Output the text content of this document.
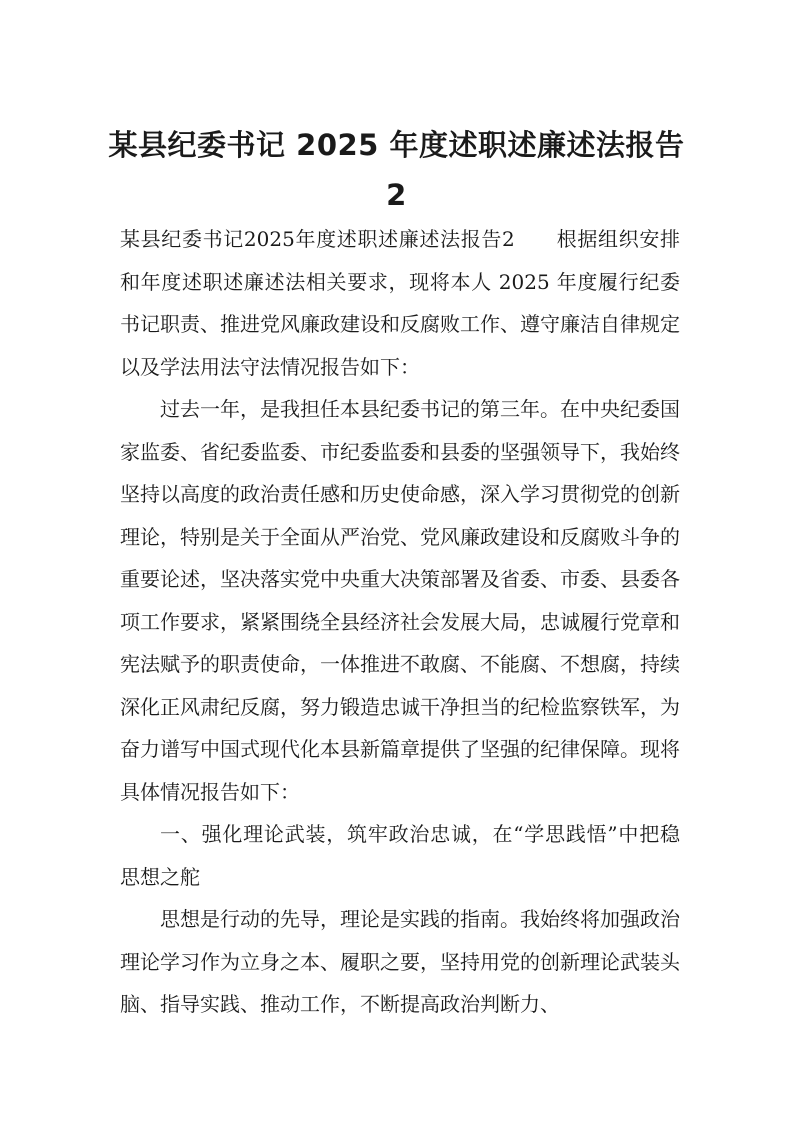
某县纪委书记 2025 年度述职述廉述法报告
2

某县纪委书记2025年度述职述廉述法报告2　　根据组织安排和年度述职述廉述法相关要求，现将本人 2025 年度履行纪委书记职责、推进党风廉政建设和反腐败工作、遵守廉洁自律规定以及学法用法守法情况报告如下：

过去一年，是我担任本县纪委书记的第三年。在中央纪委国家监委、省纪委监委、市纪委监委和县委的坚强领导下，我始终坚持以高度的政治责任感和历史使命感，深入学习贯彻党的创新理论，特别是关于全面从严治党、党风廉政建设和反腐败斗争的重要论述，坚决落实党中央重大决策部署及省委、市委、县委各项工作要求，紧紧围绕全县经济社会发展大局，忠诚履行党章和宪法赋予的职责使命，一体推进不敢腐、不能腐、不想腐，持续深化正风肃纪反腐，努力锻造忠诚干净担当的纪检监察铁军，为奋力谱写中国式现代化本县新篇章提供了坚强的纪律保障。现将具体情况报告如下：

一、强化理论武装，筑牢政治忠诚，在“学思践悟”中把稳思想之舵

思想是行动的先导，理论是实践的指南。我始终将加强政治理论学习作为立身之本、履职之要，坚持用党的创新理论武装头脑、指导实践、推动工作，不断提高政治判断力、
